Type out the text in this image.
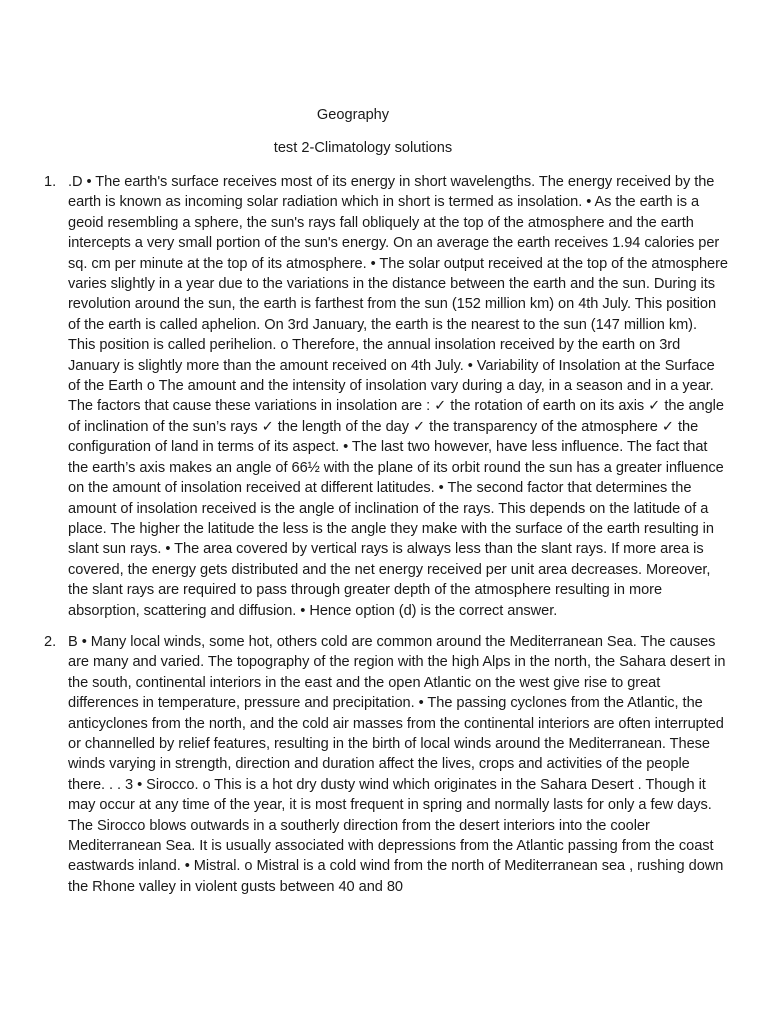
Geography
test 2-Climatology solutions
1. .D • The earth's surface receives most of its energy in short wavelengths. The energy received by the earth is known as incoming solar radiation which in short is termed as insolation. • As the earth is a geoid resembling a sphere, the sun's rays fall obliquely at the top of the atmosphere and the earth intercepts a very small portion of the sun's energy. On an average the earth receives 1.94 calories per sq. cm per minute at the top of its atmosphere. • The solar output received at the top of the atmosphere varies slightly in a year due to the variations in the distance between the earth and the sun. During its revolution around the sun, the earth is farthest from the sun (152 million km) on 4th July. This position of the earth is called aphelion. On 3rd January, the earth is the nearest to the sun (147 million km). This position is called perihelion. o Therefore, the annual insolation received by the earth on 3rd January is slightly more than the amount received on 4th July. • Variability of Insolation at the Surface of the Earth o The amount and the intensity of insolation vary during a day, in a season and in a year. The factors that cause these variations in insolation are : ✓ the rotation of earth on its axis ✓ the angle of inclination of the sun’s rays ✓ the length of the day ✓ the transparency of the atmosphere ✓ the configuration of land in terms of its aspect. • The last two however, have less influence. The fact that the earth’s axis makes an angle of 66½ with the plane of its orbit round the sun has a greater influence on the amount of insolation received at different latitudes. • The second factor that determines the amount of insolation received is the angle of inclination of the rays. This depends on the latitude of a place. The higher the latitude the less is the angle they make with the surface of the earth resulting in slant sun rays. • The area covered by vertical rays is always less than the slant rays. If more area is covered, the energy gets distributed and the net energy received per unit area decreases. Moreover, the slant rays are required to pass through greater depth of the atmosphere resulting in more absorption, scattering and diffusion. • Hence option (d) is the correct answer.
2. B • Many local winds, some hot, others cold are common around the Mediterranean Sea. The causes are many and varied. The topography of the region with the high Alps in the north, the Sahara desert in the south, continental interiors in the east and the open Atlantic on the west give rise to great differences in temperature, pressure and precipitation. • The passing cyclones from the Atlantic, the anticyclones from the north, and the cold air masses from the continental interiors are often interrupted or channelled by relief features, resulting in the birth of local winds around the Mediterranean. These winds varying in strength, direction and duration affect the lives, crops and activities of the people there. . . 3 • Sirocco. o This is a hot dry dusty wind which originates in the Sahara Desert . Though it may occur at any time of the year, it is most frequent in spring and normally lasts for only a few days. The Sirocco blows outwards in a southerly direction from the desert interiors into the cooler Mediterranean Sea. It is usually associated with depressions from the Atlantic passing from the coast eastwards inland. • Mistral. o Mistral is a cold wind from the north of Mediterranean sea , rushing down the Rhone valley in violent gusts between 40 and 80
